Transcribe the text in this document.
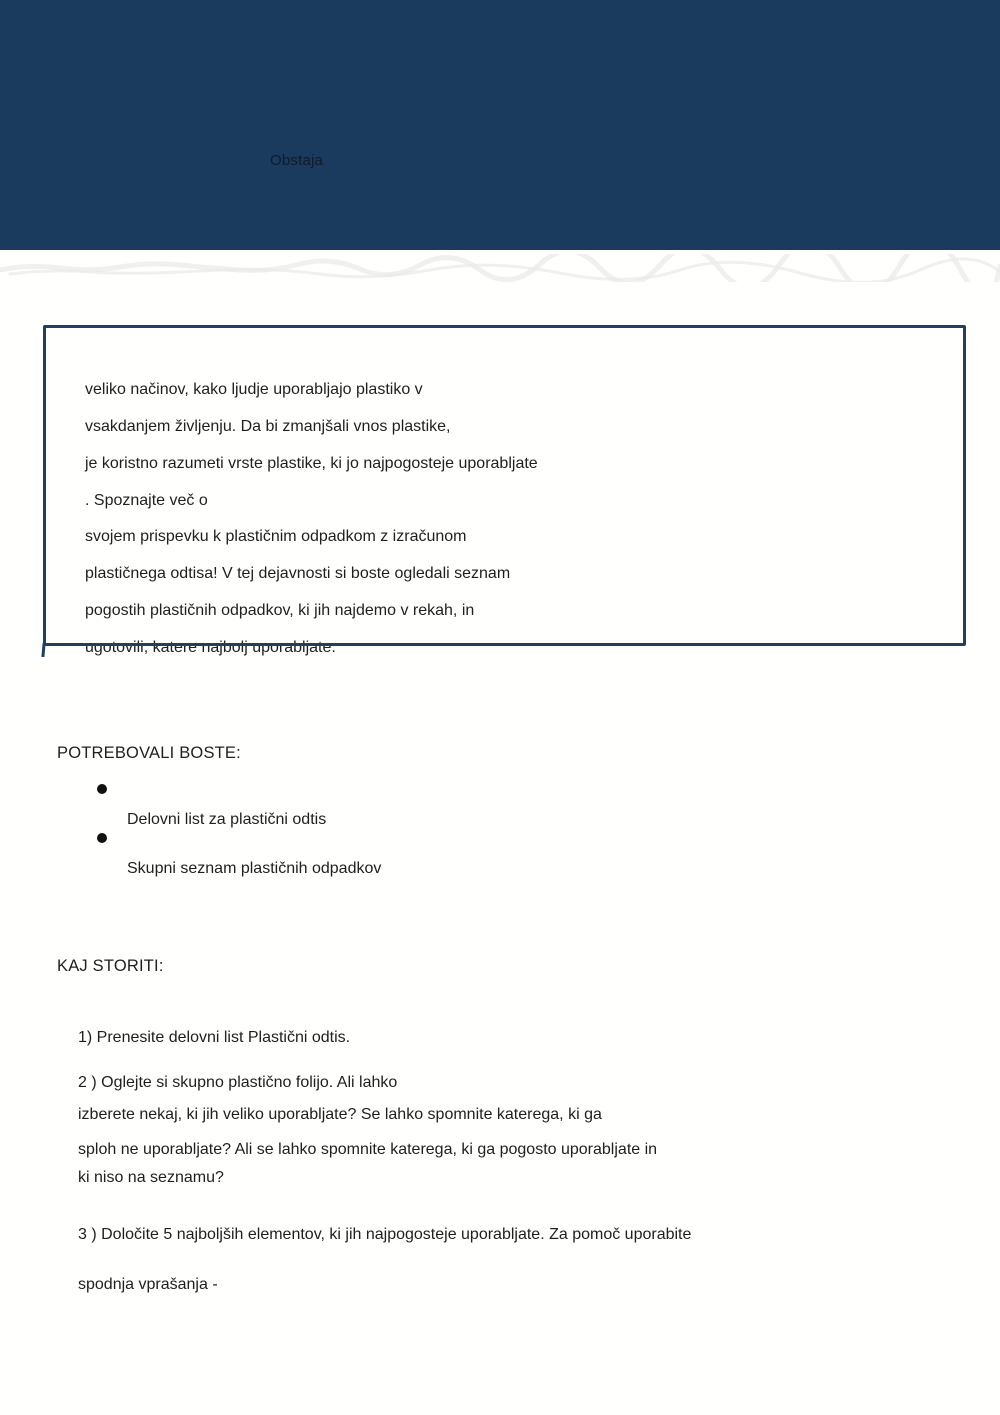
Obstaja
veliko načinov, kako ljudje uporabljajo plastiko v
vsakdanjem življenju. Da bi zmanjšali vnos plastike,
je koristno razumeti vrste plastike, ki jo najpogosteje uporabljate
. Spoznajte več o
svojem prispevku k plastičnim odpadkom z izračunom
plastičnega odtisa! V tej dejavnosti si boste ogledali seznam
pogostih plastičnih odpadkov, ki jih najdemo v rekah, in
ugotovili, katere najbolj uporabljate.
POTREBOVALI BOSTE:
Delovni list za plastični odtis
Skupni seznam plastičnih odpadkov
KAJ STORITI:
1) Prenesite delovni list Plastični odtis.
2 ) Oglejte si skupno plastično folijo. Ali lahko
izberete nekaj, ki jih veliko uporabljate? Se lahko spomnite katerega, ki ga
sploh ne uporabljate? Ali se lahko spomnite katerega, ki ga pogosto uporabljate in
ki niso na seznamu?
3 ) Določite 5 najboljših elementov, ki jih najpogosteje uporabljate. Za pomoč uporabite
spodnja vprašanja -
